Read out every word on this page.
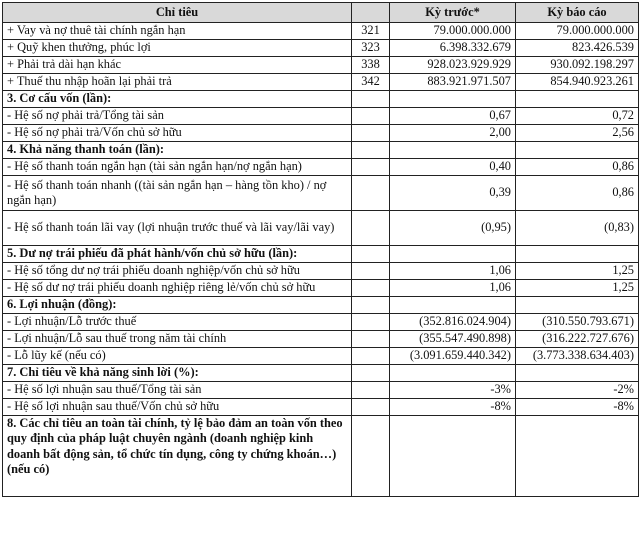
Chỉ tiêu		Kỳ trước*	Kỳ báo cáo
+ Vay và nợ thuê tài chính ngắn hạn	321	79.000.000.000	79.000.000.000
+ Quỹ khen thưởng, phúc lợi	323	6.398.332.679	823.426.539
+ Phải trả dài hạn khác	338	928.023.929.929	930.092.198.297
+ Thuế thu nhập hoãn lại phải trả	342	883.921.971.507	854.940.923.261
3. Cơ cấu vốn (lần):			
- Hệ số nợ phải trả/Tổng tài sản		0,67	0,72
- Hệ số nợ phải trả/Vốn chủ sở hữu		2,00	2,56
4. Khả năng thanh toán (lần):			
- Hệ số thanh toán ngắn hạn (tài sản ngắn hạn/nợ ngắn hạn)		0,40	0,86
- Hệ số thanh toán nhanh ((tài sản ngắn hạn – hàng tồn kho) / nợ ngắn hạn)		0,39	0,86
- Hệ số thanh toán lãi vay (lợi nhuận trước thuế và lãi vay/lãi vay)		(0,95)	(0,83)
5. Dư nợ trái phiếu đã phát hành/vốn chủ sở hữu (lần):			
- Hệ số tổng dư nợ trái phiếu doanh nghiệp/vốn chủ sở hữu		1,06	1,25
- Hệ số dư nợ trái phiếu doanh nghiệp riêng lẻ/vốn chủ sở hữu		1,06	1,25
6. Lợi nhuận (đồng):			
- Lợi nhuận/Lỗ trước thuế		(352.816.024.904)	(310.550.793.671)
- Lợi nhuận/Lỗ sau thuế trong năm tài chính		(355.547.490.898)	(316.222.727.676)
- Lỗ lũy kế (nếu có)		(3.091.659.440.342)	(3.773.338.634.403)
7. Chỉ tiêu về khả năng sinh lời (%):			
- Hệ số lợi nhuận sau thuế/Tổng tài sản		-3%	-2%
- Hệ số lợi nhuận sau thuế/Vốn chủ sở hữu		-8%	-8%
8. Các chỉ tiêu an toàn tài chính, tỷ lệ bảo đảm an toàn vốn theo quy định của pháp luật chuyên ngành (doanh nghiệp kinh doanh bất động sản, tổ chức tín dụng, công ty chứng khoán…) (nếu có)			
